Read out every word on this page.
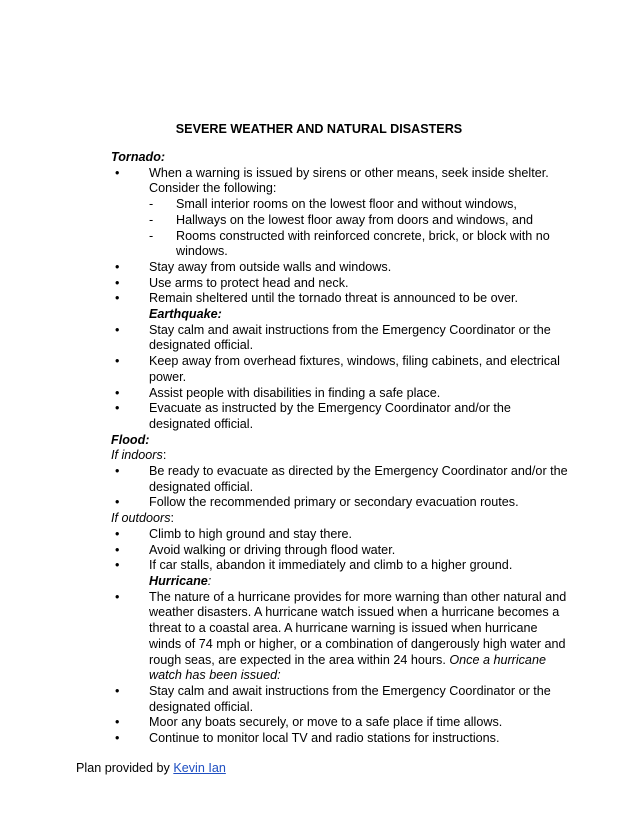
SEVERE WEATHER AND NATURAL DISASTERS
Tornado:
• When a warning is issued by sirens or other means, seek inside shelter. Consider the following:
- Small interior rooms on the lowest floor and without windows,
- Hallways on the lowest floor away from doors and windows, and
- Rooms constructed with reinforced concrete, brick, or block with no windows.
• Stay away from outside walls and windows.
• Use arms to protect head and neck.
• Remain sheltered until the tornado threat is announced to be over.
Earthquake:
• Stay calm and await instructions from the Emergency Coordinator or the designated official.
• Keep away from overhead fixtures, windows, filing cabinets, and electrical power.
• Assist people with disabilities in finding a safe place.
• Evacuate as instructed by the Emergency Coordinator and/or the designated official.
Flood:
If indoors:
• Be ready to evacuate as directed by the Emergency Coordinator and/or the designated official.
• Follow the recommended primary or secondary evacuation routes.
If outdoors:
• Climb to high ground and stay there.
• Avoid walking or driving through flood water.
• If car stalls, abandon it immediately and climb to a higher ground.
Hurricane:
• The nature of a hurricane provides for more warning than other natural and weather disasters. A hurricane watch issued when a hurricane becomes a threat to a coastal area. A hurricane warning is issued when hurricane winds of 74 mph or higher, or a combination of dangerously high water and rough seas, are expected in the area within 24 hours. Once a hurricane watch has been issued:
• Stay calm and await instructions from the Emergency Coordinator or the designated official.
• Moor any boats securely, or move to a safe place if time allows.
• Continue to monitor local TV and radio stations for instructions.
Plan provided by Kevin Ian
